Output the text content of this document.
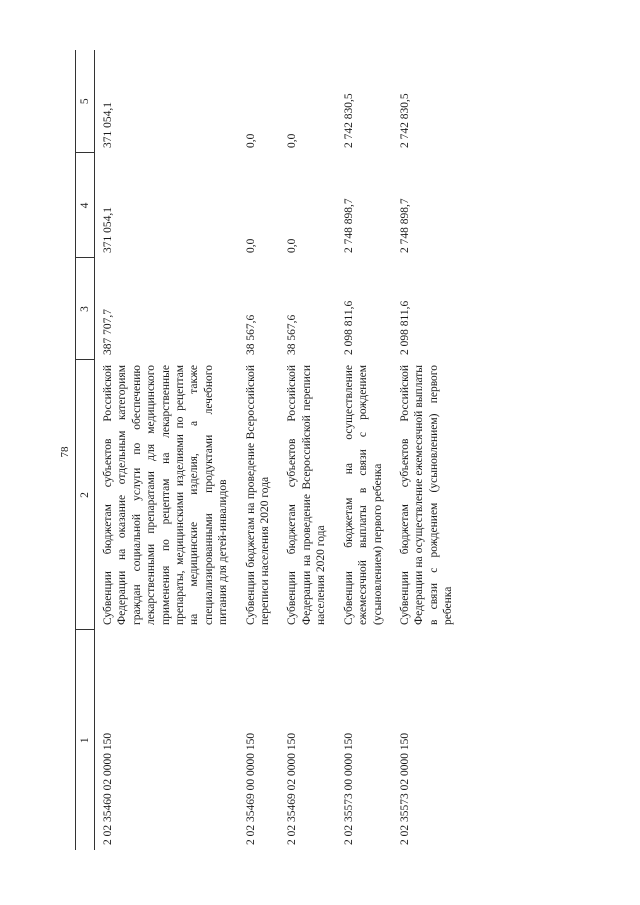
78
1	2	3	4	5
2 02 35460 02 0000 150	Субвенции бюджетам субъектов Российской Федерации на оказание отдельным категориям граждан социальной услуги по обеспечению лекарственными препаратами для медицинского применения по рецептам на лекарственные препараты, медицинскими изделиями по рецептам на медицинские изделия, а также специализированными продуктами лечебного питания для детей-инвалидов	387 707,7	371 054,1	371 054,1
2 02 35469 00 0000 150	Субвенции бюджетам на проведение Всероссийской переписи населения 2020 года	38 567,6	0,0	0,0
2 02 35469 02 0000 150	Субвенции бюджетам субъектов Российской Федерации на проведение Всероссийской переписи населения 2020 года	38 567,6	0,0	0,0
2 02 35573 00 0000 150	Субвенции бюджетам на осуществление ежемесячной выплаты в связи с рождением (усыновлением) первого ребенка	2 098 811,6	2 748 898,7	2 742 830,5
2 02 35573 02 0000 150	Субвенции бюджетам субъектов Российской Федерации на осуществление ежемесячной выплаты в связи с рождением (усыновлением) первого ребенка	2 098 811,6	2 748 898,7	2 742 830,5
